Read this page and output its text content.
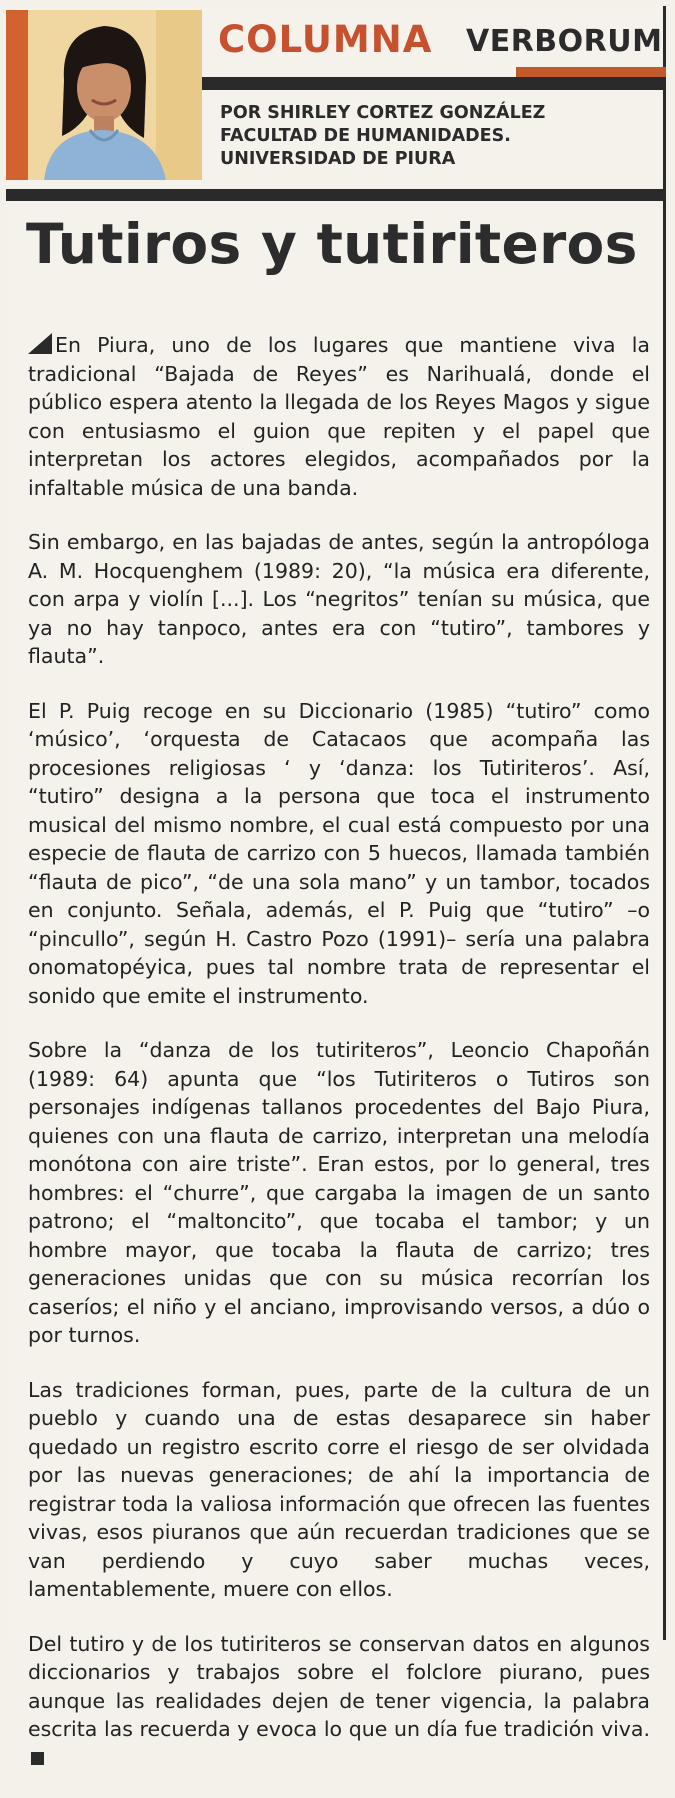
COLUMNA VERBORUM
POR SHIRLEY CORTEZ GONZÁLEZ
FACULTAD DE HUMANIDADES.
UNIVERSIDAD DE PIURA
Tutiros y tutiriteros

En Piura, uno de los lugares que mantiene viva la tradicional “Bajada de Reyes” es Narihualá, donde el público espera atento la llegada de los Reyes Magos y sigue con entusiasmo el guion que repiten y el papel que interpretan los actores elegidos, acompañados por la infaltable música de una banda.

Sin embargo, en las bajadas de antes, según la antropóloga A. M. Hocquenghem (1989: 20), “la música era diferente, con arpa y violín [...]. Los “negritos” tenían su música, que ya no hay tanpoco, antes era con “tutiro”, tambores y flauta”.

El P. Puig recoge en su Diccionario (1985) “tutiro” como ‘músico’, ‘orquesta de Catacaos que acompaña las procesiones religiosas ‘ y ‘danza: los Tutiriteros’. Así, “tutiro” designa a la persona que toca el instrumento musical del mismo nombre, el cual está compuesto por una especie de flauta de carrizo con 5 huecos, llamada también “flauta de pico”, “de una sola mano” y un tambor, tocados en conjunto. Señala, además, el P. Puig que “tutiro” –o “pincullo”, según H. Castro Pozo (1991)– sería una palabra onomatopéyica, pues tal nombre trata de representar el sonido que emite el instrumento.

Sobre la “danza de los tutiriteros”, Leoncio Chapoñán (1989: 64) apunta que “los Tutiriteros o Tutiros son personajes indígenas tallanos procedentes del Bajo Piura, quienes con una flauta de carrizo, interpretan una melodía monótona con aire triste”. Eran estos, por lo general, tres hombres: el “churre”, que cargaba la imagen de un santo patrono; el “maltoncito”, que tocaba el tambor; y un hombre mayor, que tocaba la flauta de carrizo; tres generaciones unidas que con su música recorrían los caseríos; el niño y el anciano, improvisando versos, a dúo o por turnos.

Las tradiciones forman, pues, parte de la cultura de un pueblo y cuando una de estas desaparece sin haber quedado un registro escrito corre el riesgo de ser olvidada por las nuevas generaciones; de ahí la importancia de registrar toda la valiosa información que ofrecen las fuentes vivas, esos piuranos que aún recuerdan tradiciones que se van perdiendo y cuyo saber muchas veces, lamentablemente, muere con ellos.

Del tutiro y de los tutiriteros se conservan datos en algunos diccionarios y trabajos sobre el folclore piurano, pues aunque las realidades dejen de tener vigencia, la palabra escrita las recuerda y evoca lo que un día fue tradición viva.
